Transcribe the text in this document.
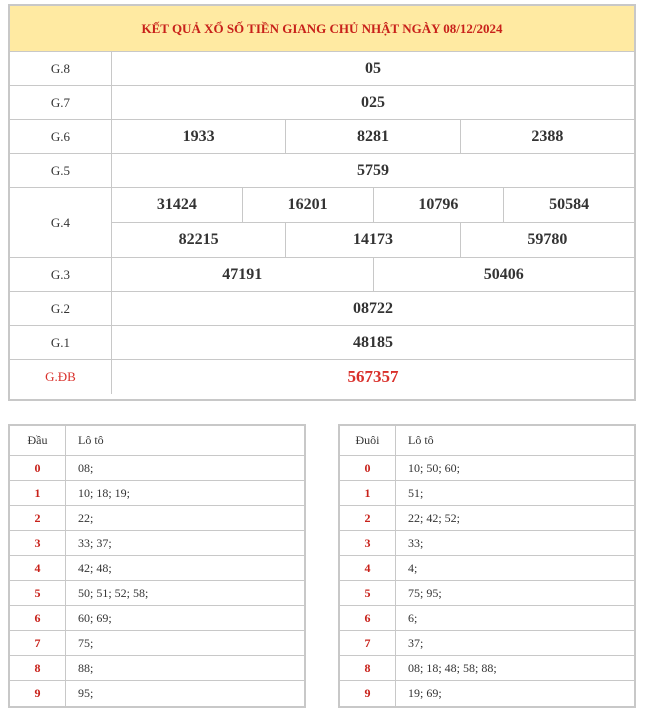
KẾT QUẢ XỔ SỐ TIỀN GIANG CHỦ NHẬT NGÀY 08/12/2024
G.8	05
G.7	025
G.6	1933	8281	2388
G.5	5759
G.4
31424	16201	10796	50584
82215	14173	59780
G.3	47191	50406
G.2	08722
G.1	48185
G.ĐB	567357
Đầu	Lô tô
0	08;
1	10; 18; 19;
2	22;
3	33; 37;
4	42; 48;
5	50; 51; 52; 58;
6	60; 69;
7	75;
8	88;
9	95;
Đuôi	Lô tô
0	10; 50; 60;
1	51;
2	22; 42; 52;
3	33;
4	4;
5	75; 95;
6	6;
7	37;
8	08; 18; 48; 58; 88;
9	19; 69;
